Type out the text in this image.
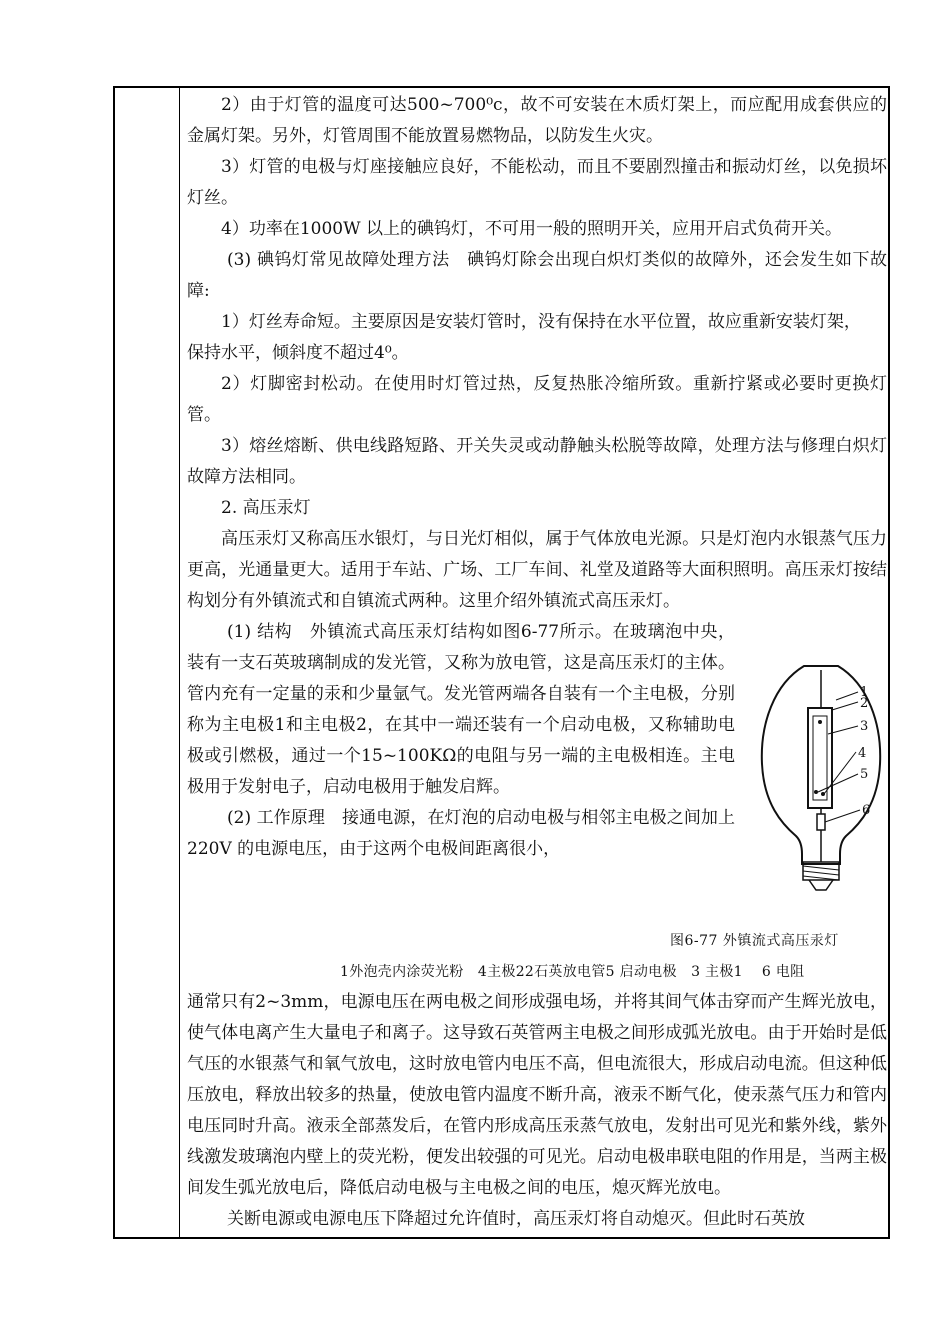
2）由于灯管的温度可达500~700⁰c，故不可安装在木质灯架上，而应配用成套供应的金属灯架。另外，灯管周围不能放置易燃物品，以防发生火灾。

3）灯管的电极与灯座接触应良好，不能松动，而且不要剧烈撞击和振动灯丝，以免损坏灯丝。

4）功率在1000W 以上的碘钨灯，不可用一般的照明开关，应用开启式负荷开关。

(3) 碘钨灯常见故障处理方法　碘钨灯除会出现白炽灯类似的故障外，还会发生如下故障:

1）灯丝寿命短。主要原因是安装灯管时，没有保持在水平位置，故应重新安装灯架，

保持水平，倾斜度不超过4⁰。

2）灯脚密封松动。在使用时灯管过热，反复热胀冷缩所致。重新拧紧或必要时更换灯管。

3）熔丝熔断、供电线路短路、开关失灵或动静触头松脱等故障，处理方法与修理白炽灯故障方法相同。

2. 高压汞灯

高压汞灯又称高压水银灯，与日光灯相似，属于气体放电光源。只是灯泡内水银蒸气压力更高，光通量更大。适用于车站、广场、工厂车间、礼堂及道路等大面积照明。高压汞灯按结构划分有外镇流式和自镇流式两种。这里介绍外镇流式高压汞灯。

(1) 结构　外镇流式高压汞灯结构如图6-77所示。在玻璃泡中央，装有一支石英玻璃制成的发光管，又称为放电管，这是高压汞灯的主体。管内充有一定量的汞和少量氩气。发光管两端各自装有一个主电极，分别称为主电极1和主电极2，在其中一端还装有一个启动电极，又称辅助电极或引燃极，通过一个15~100KΩ的电阻与另一端的主电极相连。主电极用于发射电子，启动电极用于触发启辉。

(2) 工作原理　接通电源，在灯泡的启动电极与相邻主电极之间加上220V 的电源电压，由于这两个电极间距离很小，

1
2
3
4
5
6
图6-77 外镇流式高压汞灯
1外泡壳内涂荧光粉　4主极22石英放电管5 启动电极　3 主极1　 6 电阻

通常只有2~3mm，电源电压在两电极之间形成强电场，并将其间气体击穿而产生辉光放电，使气体电离产生大量电子和离子。这导致石英管两主电极之间形成弧光放电。由于开始时是低气压的水银蒸气和氧气放电，这时放电管内电压不高，但电流很大，形成启动电流。但这种低压放电，释放出较多的热量，使放电管内温度不断升高，液汞不断气化，使汞蒸气压力和管内电压同时升高。液汞全部蒸发后，在管内形成高压汞蒸气放电，发射出可见光和紫外线，紫外线激发玻璃泡内壁上的荧光粉，便发出较强的可见光。启动电极串联电阻的作用是，当两主极间发生弧光放电后，降低启动电极与主电极之间的电压，熄灭辉光放电。

关断电源或电源电压下降超过允许值时，高压汞灯将自动熄灭。但此时石英放
